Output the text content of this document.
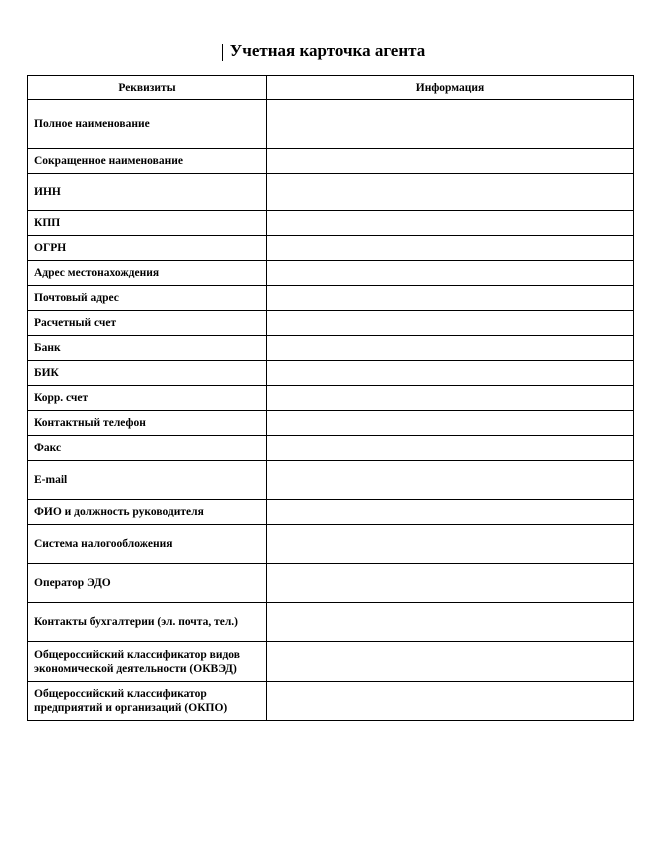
Учетная карточка агента
Реквизиты	Информация
Полное наименование	
Сокращенное наименование	
ИНН	
КПП	
ОГРН	
Адрес местонахождения	
Почтовый адрес	
Расчетный счет	
Банк	
БИК	
Корр. счет	
Контактный телефон	
Факс	
E-mail	
ФИО и должность руководителя	
Система налогообложения	
Оператор ЭДО	
Контакты бухгалтерии (эл. почта, тел.)	
Общероссийский классификатор видов экономической деятельности (ОКВЭД)	
Общероссийский классификатор предприятий и организаций (ОКПО)	
